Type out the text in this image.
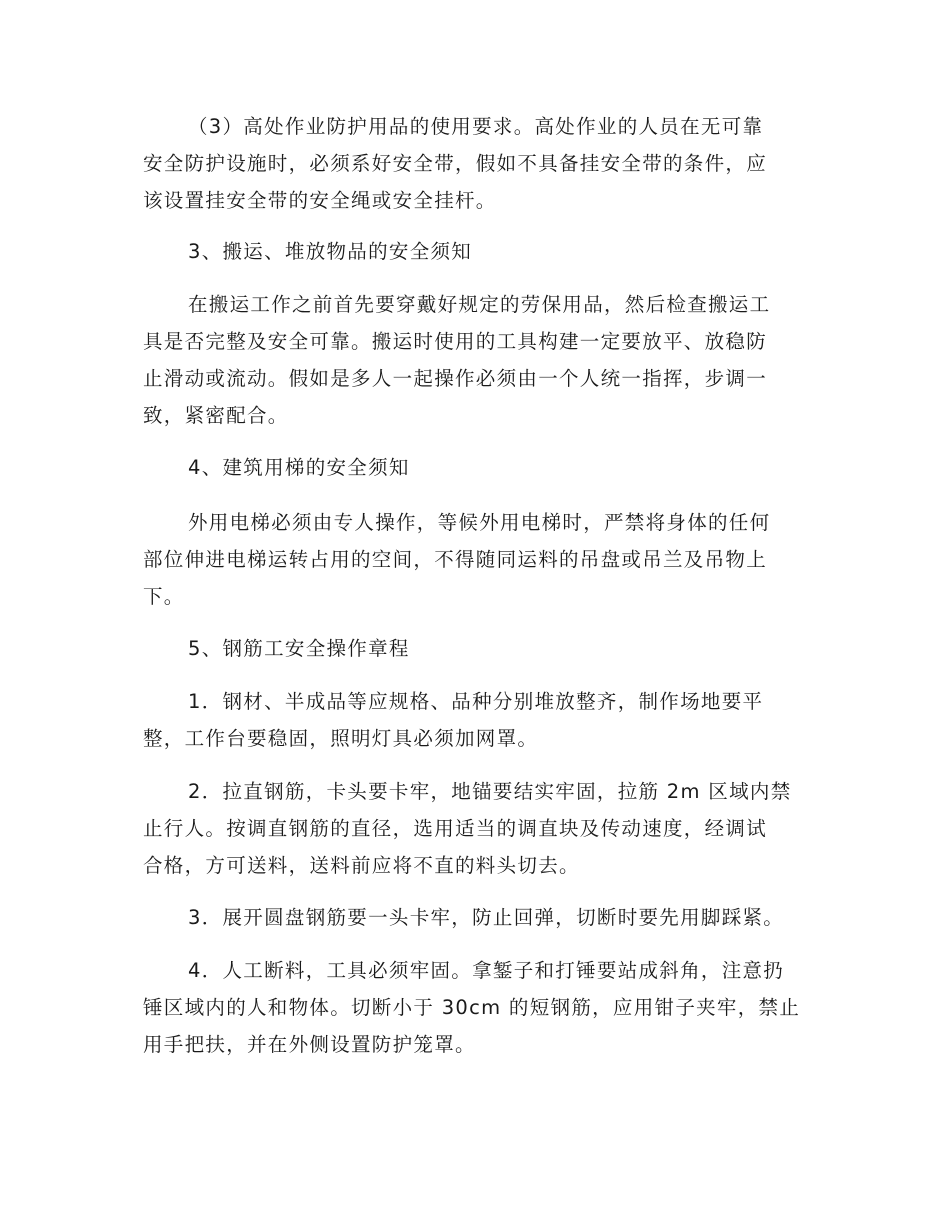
（3）高处作业防护用品的使用要求。高处作业的人员在无可靠
安全防护设施时，必须系好安全带，假如不具备挂安全带的条件，应
该设置挂安全带的安全绳或安全挂杆。
3、搬运、堆放物品的安全须知
在搬运工作之前首先要穿戴好规定的劳保用品，然后检查搬运工
具是否完整及安全可靠。搬运时使用的工具构建一定要放平、放稳防
止滑动或流动。假如是多人一起操作必须由一个人统一指挥，步调一
致，紧密配合。
4、建筑用梯的安全须知
外用电梯必须由专人操作，等候外用电梯时，严禁将身体的任何
部位伸进电梯运转占用的空间，不得随同运料的吊盘或吊兰及吊物上
下。
5、钢筋工安全操作章程
1．钢材、半成品等应规格、品种分别堆放整齐，制作场地要平
整，工作台要稳固，照明灯具必须加网罩。
2．拉直钢筋，卡头要卡牢，地锚要结实牢固，拉筋 2m 区域内禁
止行人。按调直钢筋的直径，选用适当的调直块及传动速度，经调试
合格，方可送料，送料前应将不直的料头切去。
3．展开圆盘钢筋要一头卡牢，防止回弹，切断时要先用脚踩紧。
4．人工断料，工具必须牢固。拿錾子和打锤要站成斜角，注意扔
锤区域内的人和物体。切断小于 30cm 的短钢筋，应用钳子夹牢，禁止
用手把扶，并在外侧设置防护笼罩。
